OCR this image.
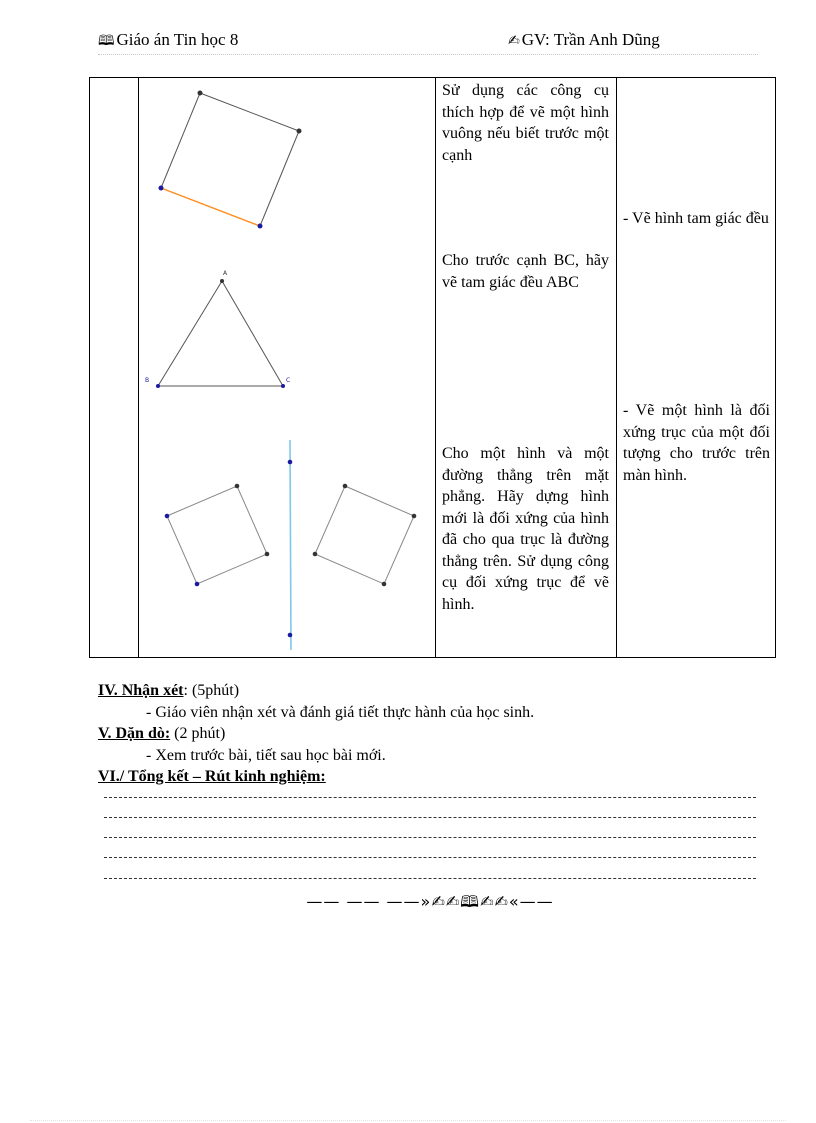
🕮 Giáo án Tin học 8	✍ GV: Trần Anh Dũng

A
B	C

Sử dụng các công cụ thích hợp để vẽ một hình vuông nếu biết trước một cạnh
Cho trước cạnh BC, hãy vẽ tam giác đều ABC
Cho một hình và một đường thẳng trên mặt phẳng. Hãy dựng hình mới là đối xứng của hình đã cho qua trục là đường thẳng trên. Sử dụng công cụ đối xứng trục để vẽ hình.

- Vẽ hình tam giác đều
- Vẽ một hình là đối xứng trục của một đối tượng cho trước trên màn hình.
IV. Nhận xét: (5phút)
- Giáo viên nhận xét và đánh giá tiết thực hành của học sinh.
V. Dặn dò: (2 phút)
- Xem trước bài, tiết sau học bài mới.
VI./ Tổng kết – Rút kinh nghiệm:
—— —— ——»✍✍🕮✍✍«——
